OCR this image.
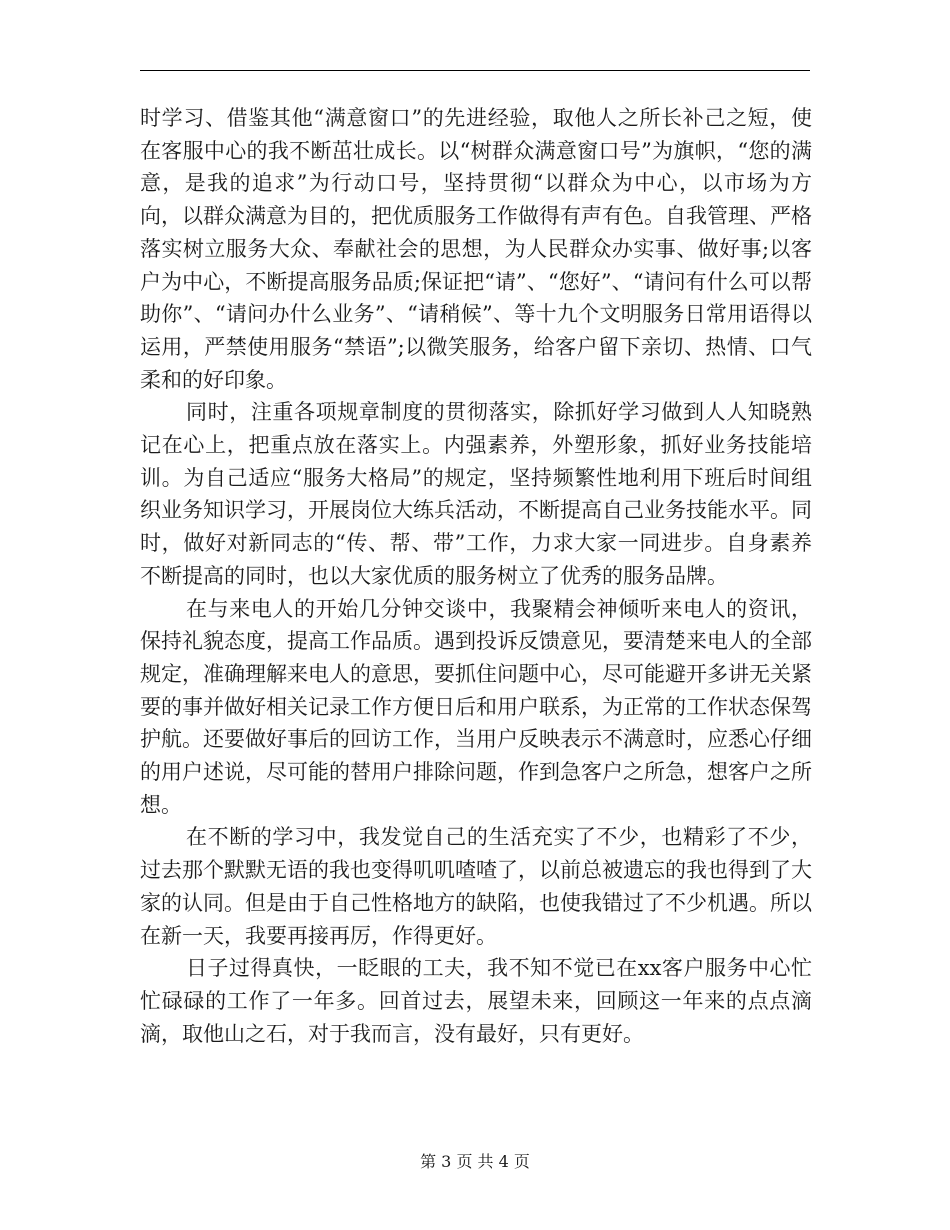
时学习、借鉴其他“满意窗口”的先进经验，取他人之所长补己之短，使在客服中心的我不断茁壮成长。以“树群众满意窗口号”为旗帜，“您的满意，是我的追求”为行动口号，坚持贯彻“以群众为中心，以市场为方向，以群众满意为目的，把优质服务工作做得有声有色。自我管理、严格落实树立服务大众、奉献社会的思想，为人民群众办实事、做好事;以客户为中心，不断提高服务品质;保证把“请”、“您好”、“请问有什么可以帮助你”、“请问办什么业务”、“请稍候”、等十九个文明服务日常用语得以运用，严禁使用服务“禁语”;以微笑服务，给客户留下亲切、热情、口气柔和的好印象。

同时，注重各项规章制度的贯彻落实，除抓好学习做到人人知晓熟记在心上，把重点放在落实上。内强素养，外塑形象，抓好业务技能培训。为自己适应“服务大格局”的规定，坚持频繁性地利用下班后时间组织业务知识学习，开展岗位大练兵活动，不断提高自己业务技能水平。同时，做好对新同志的“传、帮、带”工作，力求大家一同进步。自身素养不断提高的同时，也以大家优质的服务树立了优秀的服务品牌。

在与来电人的开始几分钟交谈中，我聚精会神倾听来电人的资讯，保持礼貌态度，提高工作品质。遇到投诉反馈意见，要清楚来电人的全部规定，准确理解来电人的意思，要抓住问题中心，尽可能避开多讲无关紧要的事并做好相关记录工作方便日后和用户联系，为正常的工作状态保驾护航。还要做好事后的回访工作，当用户反映表示不满意时，应悉心仔细的用户述说，尽可能的替用户排除问题，作到急客户之所急，想客户之所想。

在不断的学习中，我发觉自己的生活充实了不少，也精彩了不少，过去那个默默无语的我也变得叽叽喳喳了，以前总被遗忘的我也得到了大家的认同。但是由于自己性格地方的缺陷，也使我错过了不少机遇。所以在新一天，我要再接再厉，作得更好。

日子过得真快，一眨眼的工夫，我不知不觉已在xx客户服务中心忙忙碌碌的工作了一年多。回首过去，展望未来，回顾这一年来的点点滴滴，取他山之石，对于我而言，没有最好，只有更好。

第 3 页 共 4 页
